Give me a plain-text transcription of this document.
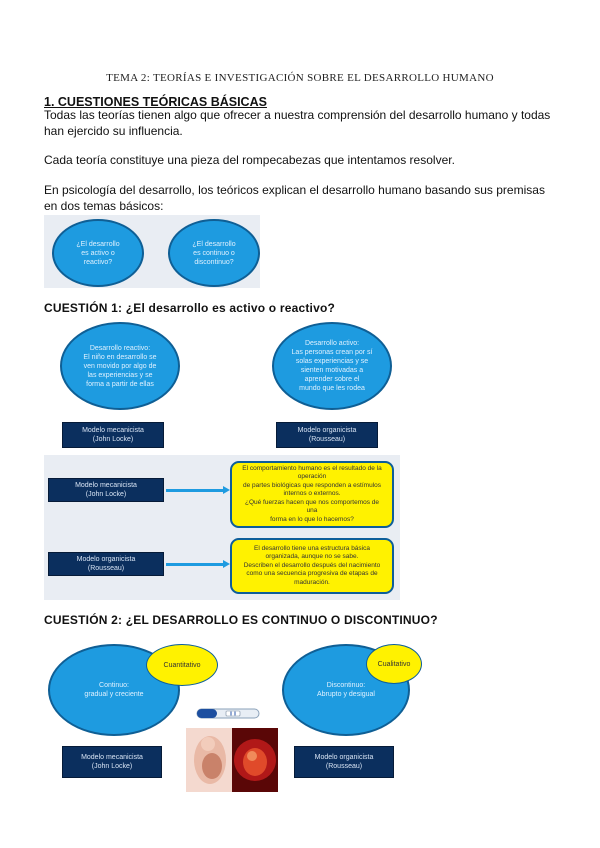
TEMA 2: TEORÍAS E INVESTIGACIÓN SOBRE EL DESARROLLO HUMANO
1. CUESTIONES TEÓRICAS BÁSICAS
Todas las teorías tienen algo que ofrecer a nuestra comprensión del desarrollo humano y todas han ejercido su influencia.
Cada teoría constituye una pieza del rompecabezas que intentamos resolver.
En psicología del desarrollo, los teóricos explican el desarrollo humano basando sus premisas en dos temas básicos:
¿El desarrollo
es activo o
reactivo?
¿El desarrollo
es continuo o
discontinuo?
CUESTIÓN 1: ¿El desarrollo es activo o reactivo?
Desarrollo reactivo:
El niño en desarrollo se
ven movido por algo de
las experiencias y se
forma a partir de ellas
Desarrollo activo:
Las personas crean por sí
solas experiencias y se
sienten motivadas a
aprender sobre el
mundo que les rodea
Modelo mecanicista
(John Locke)
Modelo organicista
(Rousseau)
Modelo mecanicista
(John Locke)
El comportamiento humano es el resultado de la operación
de partes biológicas que responden a estímulos
internos o externos.
¿Qué fuerzas hacen que nos comportemos de una
forma en lo que lo hacemos?
Modelo organicista
(Rousseau)
El desarrollo tiene una estructura básica
organizada, aunque no se sabe.
Describen el desarrollo después del nacimiento
como una secuencia progresiva de etapas de
maduración.
CUESTIÓN 2: ¿EL DESARROLLO ES CONTINUO O DISCONTINUO?
Continuo:
gradual y creciente
Cuantitativo
Discontinuo:
Abrupto y desigual
Cualitativo
Modelo mecanicista
(John Locke)
Modelo organicista
(Rousseau)
